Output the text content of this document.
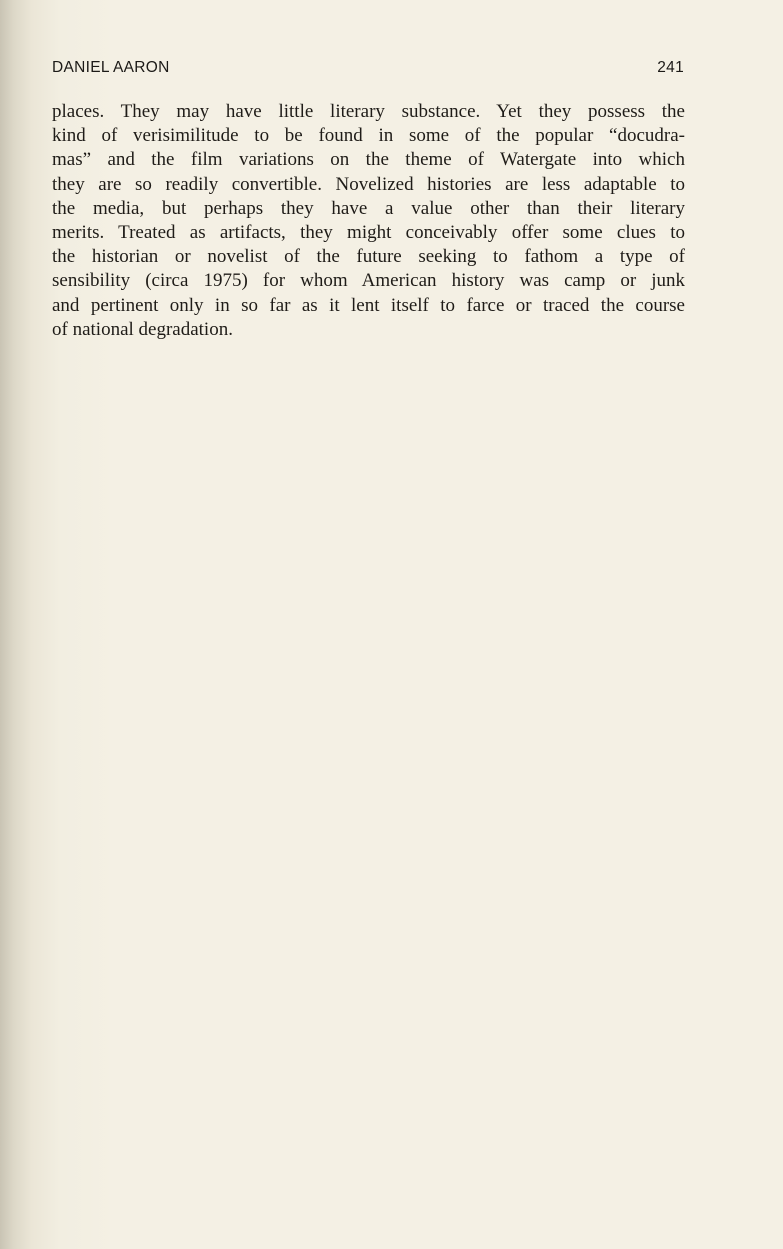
DANIEL AARON	241
places. They may have little literary substance. Yet they possess the
kind of verisimilitude to be found in some of the popular “docudra-
mas” and the film variations on the theme of Watergate into which
they are so readily convertible. Novelized histories are less adaptable to
the media, but perhaps they have a value other than their literary
merits. Treated as artifacts, they might conceivably offer some clues to
the historian or novelist of the future seeking to fathom a type of
sensibility (circa 1975) for whom American history was camp or junk
and pertinent only in so far as it lent itself to farce or traced the course
of national degradation.
